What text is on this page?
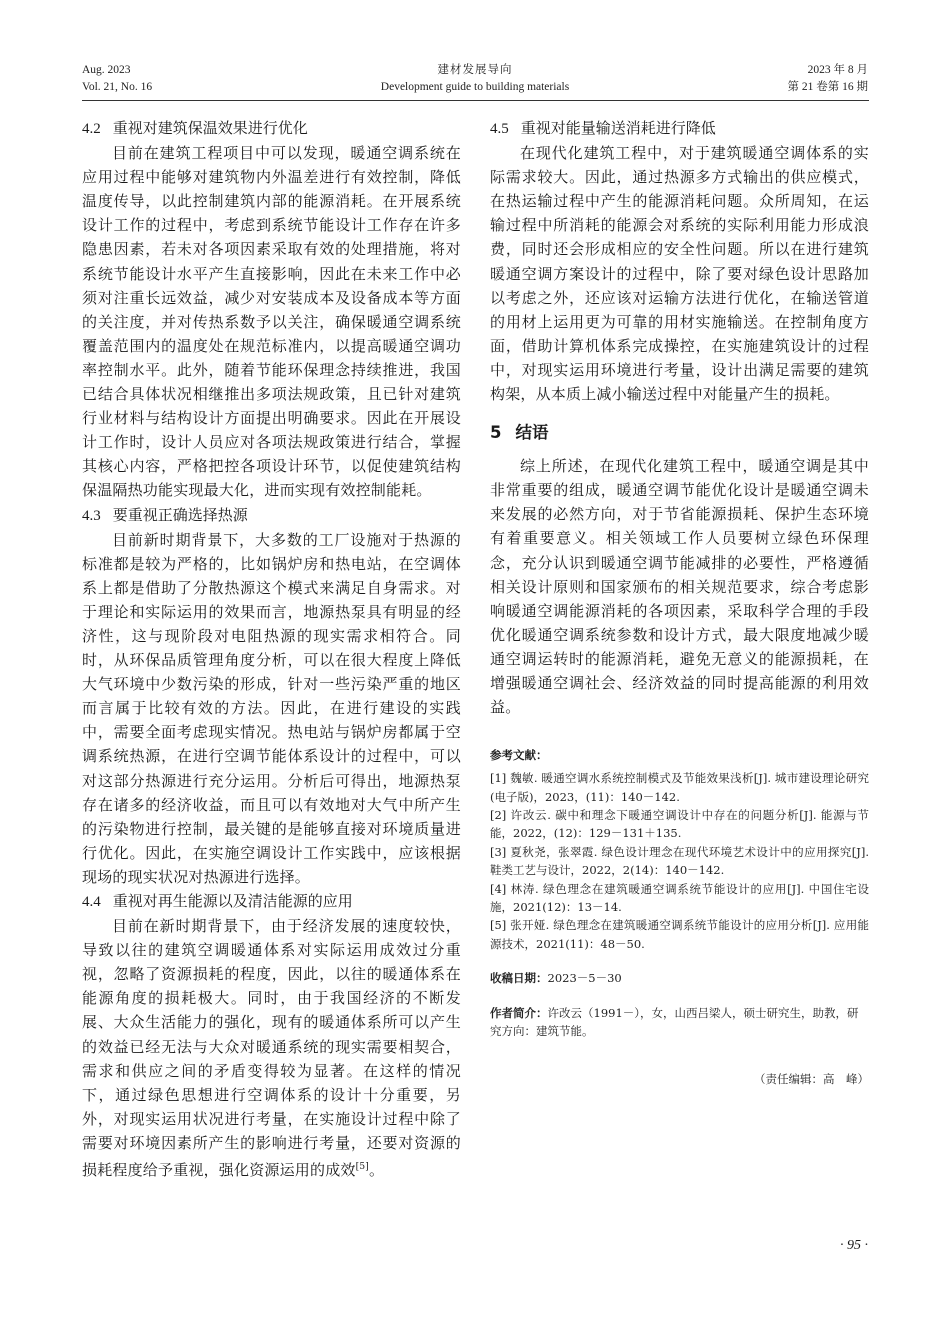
Aug. 2023
Vol. 21, No. 16
建材发展导向
Development guide to building materials
2023 年 8 月
第 21 卷第 16 期
4.2 重视对建筑保温效果进行优化

目前在建筑工程项目中可以发现，暖通空调系统在应用过程中能够对建筑物内外温差进行有效控制，降低温度传导，以此控制建筑内部的能源消耗。在开展系统设计工作的过程中，考虑到系统节能设计工作存在许多隐患因素，若未对各项因素采取有效的处理措施，将对系统节能设计水平产生直接影响，因此在未来工作中必须对注重长远效益，减少对安装成本及设备成本等方面的关注度，并对传热系数予以关注，确保暖通空调系统覆盖范围内的温度处在规范标准内，以提高暖通空调功率控制水平。此外，随着节能环保理念持续推进，我国已结合具体状况相继推出多项法规政策，且已针对建筑行业材料与结构设计方面提出明确要求。因此在开展设计工作时，设计人员应对各项法规政策进行结合，掌握其核心内容，严格把控各项设计环节，以促使建筑结构保温隔热功能实现最大化，进而实现有效控制能耗。

4.3 要重视正确选择热源

目前新时期背景下，大多数的工厂设施对于热源的标准都是较为严格的，比如锅炉房和热电站，在空调体系上都是借助了分散热源这个模式来满足自身需求。对于理论和实际运用的效果而言，地源热泵具有明显的经济性，这与现阶段对电阻热源的现实需求相符合。同时，从环保品质管理角度分析，可以在很大程度上降低大气环境中少数污染的形成，针对一些污染严重的地区而言属于比较有效的方法。因此，在进行建设的实践中，需要全面考虑现实情况。热电站与锅炉房都属于空调系统热源，在进行空调节能体系设计的过程中，可以对这部分热源进行充分运用。分析后可得出，地源热泵存在诸多的经济收益，而且可以有效地对大气中所产生的污染物进行控制，最关键的是能够直接对环境质量进行优化。因此，在实施空调设计工作实践中，应该根据现场的现实状况对热源进行选择。

4.4 重视对再生能源以及清洁能源的应用

目前在新时期背景下，由于经济发展的速度较快，导致以往的建筑空调暖通体系对实际运用成效过分重视，忽略了资源损耗的程度，因此，以往的暖通体系在能源角度的损耗极大。同时，由于我国经济的不断发展、大众生活能力的强化，现有的暖通体系所可以产生的效益已经无法与大众对暖通系统的现实需要相契合，需求和供应之间的矛盾变得较为显著。在这样的情况下，通过绿色思想进行空调体系的设计十分重要，另外，对现实运用状况进行考量，在实施设计过程中除了需要对环境因素所产生的影响进行考量，还要对资源的损耗程度给予重视，强化资源运用的成效[5]。

4.5 重视对能量输送消耗进行降低

在现代化建筑工程中，对于建筑暖通空调体系的实际需求较大。因此，通过热源多方式输出的供应模式，在热运输过程中产生的能源消耗问题。众所周知，在运输过程中所消耗的能源会对系统的实际利用能力形成浪费，同时还会形成相应的安全性问题。所以在进行建筑暖通空调方案设计的过程中，除了要对绿色设计思路加以考虑之外，还应该对运输方法进行优化，在输送管道的用材上运用更为可靠的用材实施输送。在控制角度方面，借助计算机体系完成操控，在实施建筑设计的过程中，对现实运用环境进行考量，设计出满足需要的建筑构架，从本质上减小输送过程中对能量产生的损耗。

5 结语

综上所述，在现代化建筑工程中，暖通空调是其中非常重要的组成，暖通空调节能优化设计是暖通空调未来发展的必然方向，对于节省能源损耗、保护生态环境有着重要意义。相关领域工作人员要树立绿色环保理念，充分认识到暖通空调节能减排的必要性，严格遵循相关设计原则和国家颁布的相关规范要求，综合考虑影响暖通空调能源消耗的各项因素，采取科学合理的手段优化暖通空调系统参数和设计方式，最大限度地减少暖通空调运转时的能源消耗，避免无意义的能源损耗，在增强暖通空调社会、经济效益的同时提高能源的利用效益。

参考文献：

[1] 魏敏. 暖通空调水系统控制模式及节能效果浅析[J]. 城市建设理论研究(电子版)，2023，(11)：140－142.

[2] 许改云. 碳中和理念下暖通空调设计中存在的问题分析[J]. 能源与节能，2022，(12)：129－131＋135.

[3] 夏秋尧，张翠霞. 绿色设计理念在现代环境艺术设计中的应用探究[J]. 鞋类工艺与设计，2022，2(14)：140－142.

[4] 林涛. 绿色理念在建筑暖通空调系统节能设计的应用[J]. 中国住宅设施，2021(12)：13－14.

[5] 张开娅. 绿色理念在建筑暖通空调系统节能设计的应用分析[J]. 应用能源技术，2021(11)：48－50.

收稿日期：2023－5－30

作者简介：许改云（1991－），女，山西吕梁人，硕士研究生，助教，研究方向：建筑节能。

（责任编辑：高　峰）

· 95 ·
